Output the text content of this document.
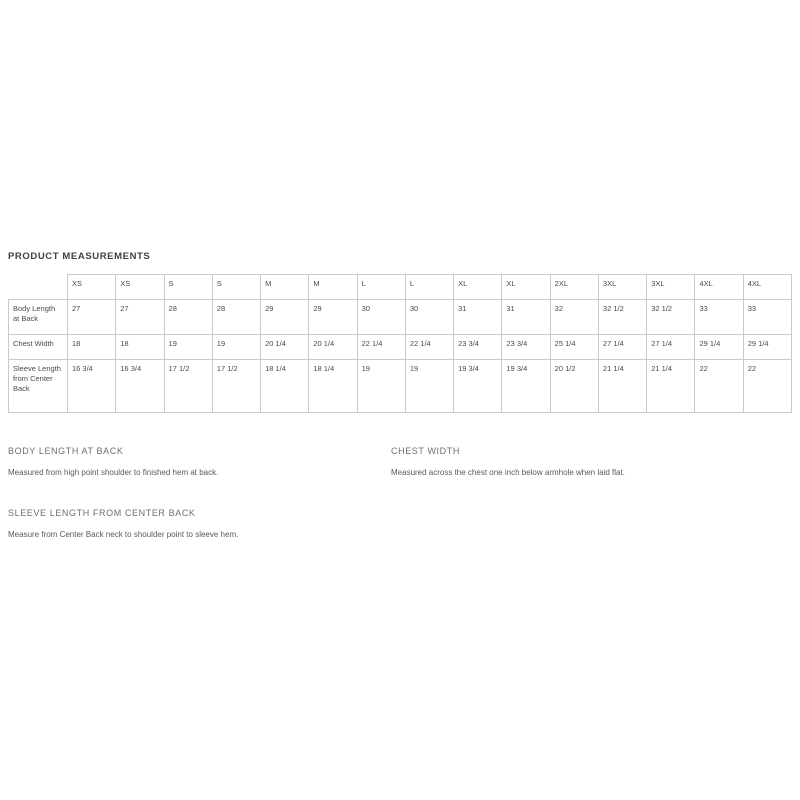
PRODUCT MEASUREMENTS
	XS	XS	S	S	M	M	L	L	XL	XL	2XL	3XL	3XL	4XL	4XL
Body Length at Back	27	27	28	28	29	29	30	30	31	31	32	32 1/2	32 1/2	33	33
Chest Width	18	18	19	19	20 1/4	20 1/4	22 1/4	22 1/4	23 3/4	23 3/4	25 1/4	27 1/4	27 1/4	29 1/4	29 1/4
Sleeve Length from Center Back	16 3/4	16 3/4	17 1/2	17 1/2	18 1/4	18 1/4	19	19	19 3/4	19 3/4	20 1/2	21 1/4	21 1/4	22	22
BODY LENGTH AT BACK
Measured from high point shoulder to finished hem at back.
CHEST WIDTH
Measured across the chest one inch below armhole when laid flat.
SLEEVE LENGTH FROM CENTER BACK
Measure from Center Back neck to shoulder point to sleeve hem.
